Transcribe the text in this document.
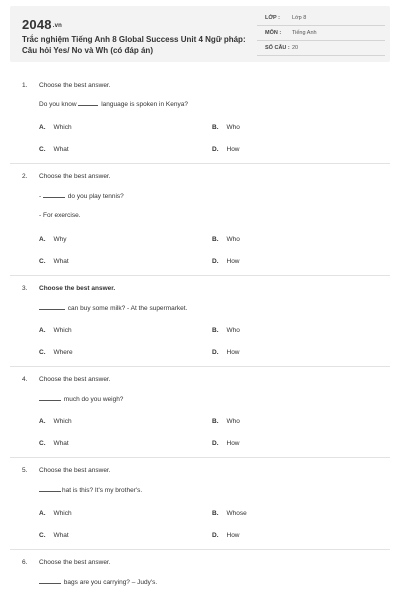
2048.vn
Trắc nghiệm Tiếng Anh 8 Global Success Unit 4 Ngữ pháp: Câu hỏi Yes/ No và Wh (có đáp án)
LỚP : Lớp 8
MÔN : Tiếng Anh
SỐ CÂU : 20
1. Choose the best answer.
Do you know	language is spoken in Kenya?
A. Which	B. Who
C. What	D. How
2. Choose the best answer.
-	do you play tennis?
- For exercise.
A. Why	B. Who
C. What	D. How
3. Choose the best answer.
can buy some milk? - At the supermarket.
A. Which	B. Who
C. Where	D. How
4. Choose the best answer.
much do you weigh?
A. Which	B. Who
C. What	D. How
5. Choose the best answer.
hat is this? It's my brother's.
A. Which	B. Whose
C. What	D. How
6. Choose the best answer.
bags are you carrying? – Judy's.
